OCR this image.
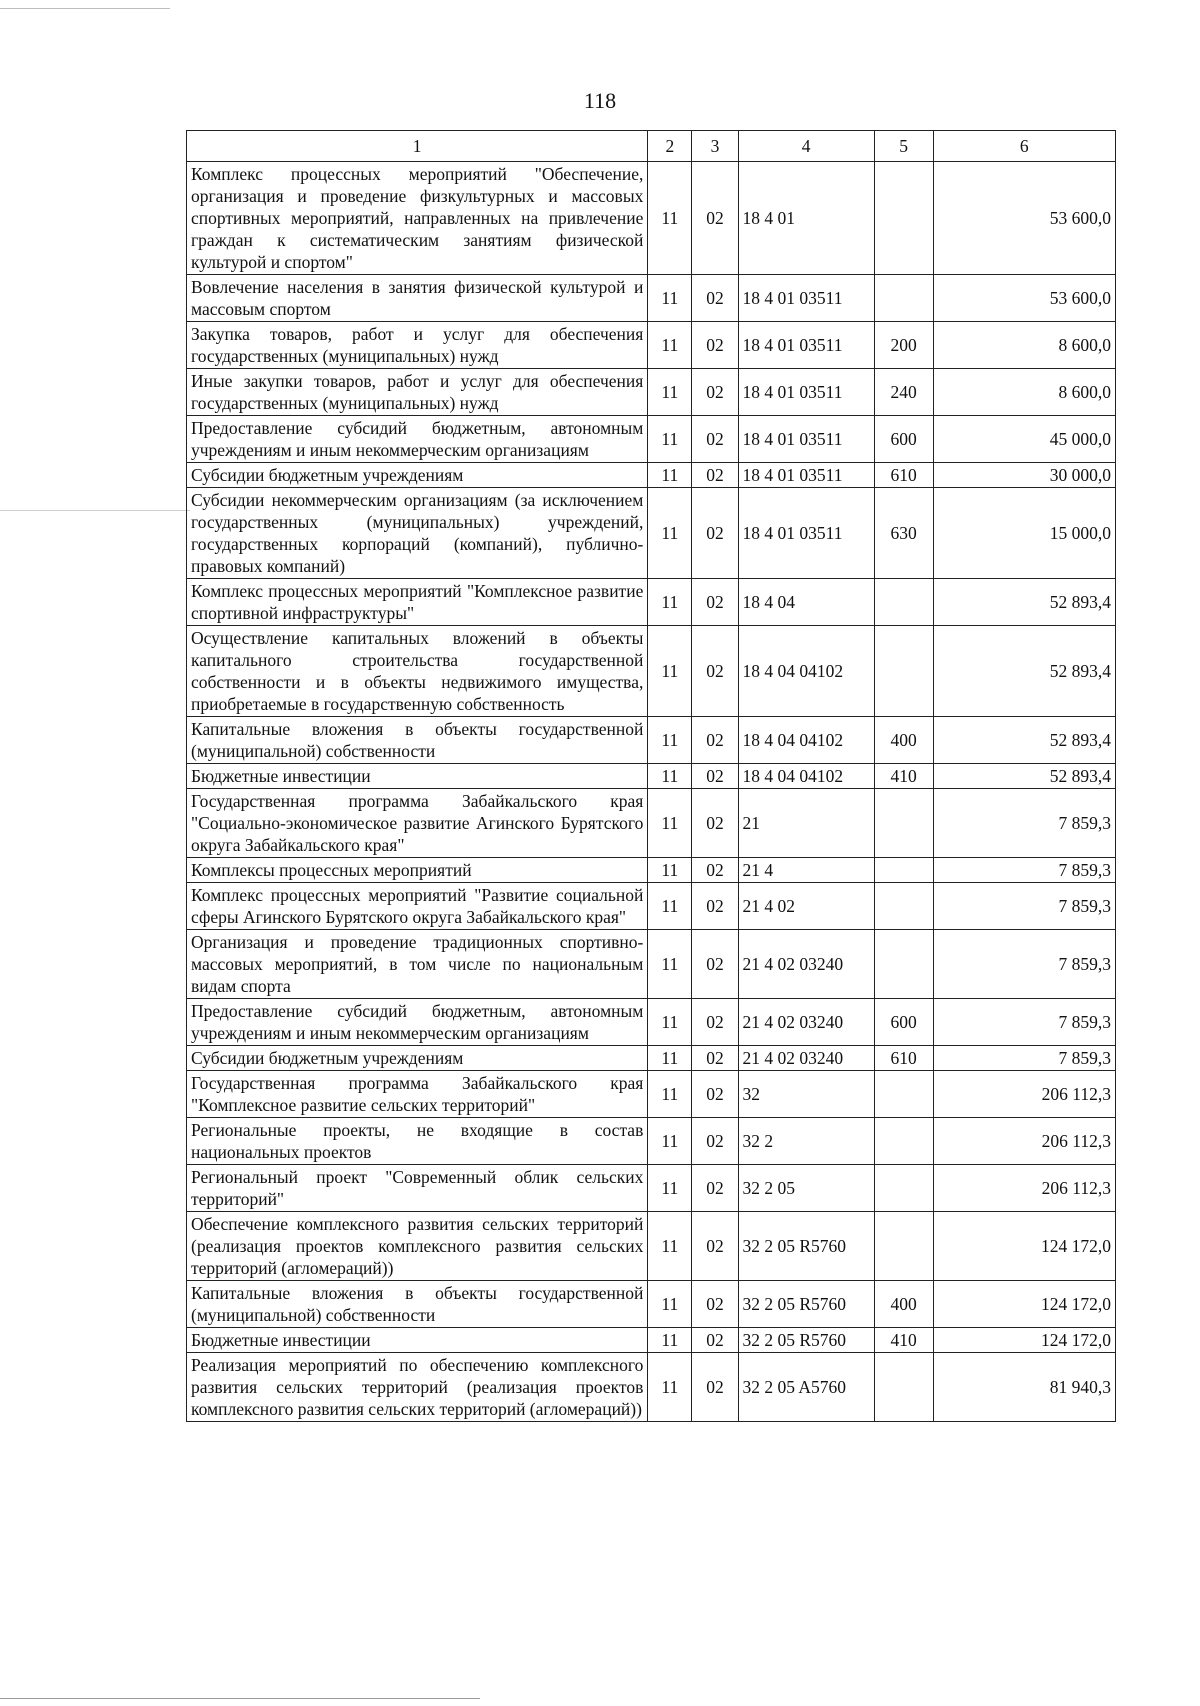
118
1	2	3	4	5	6
Комплекс процессных мероприятий "Обеспечение, организация и проведение физкультурных и массовых спортивных мероприятий, направленных на привлечение граждан к систематическим занятиям физической культурой и спортом"	11	02	18 4 01		53 600,0
Вовлечение населения в занятия физической культурой и массовым спортом	11	02	18 4 01 03511		53 600,0
Закупка товаров, работ и услуг для обеспечения государственных (муниципальных) нужд	11	02	18 4 01 03511	200	8 600,0
Иные закупки товаров, работ и услуг для обеспечения государственных (муниципальных) нужд	11	02	18 4 01 03511	240	8 600,0
Предоставление субсидий бюджетным, автономным учреждениям и иным некоммерческим организациям	11	02	18 4 01 03511	600	45 000,0
Субсидии бюджетным учреждениям	11	02	18 4 01 03511	610	30 000,0
Субсидии некоммерческим организациям (за исключением государственных (муниципальных) учреждений, государственных корпораций (компаний), публично-правовых компаний)	11	02	18 4 01 03511	630	15 000,0
Комплекс процессных мероприятий "Комплексное развитие спортивной инфраструктуры"	11	02	18 4 04		52 893,4
Осуществление капитальных вложений в объекты капитального строительства государственной собственности и в объекты недвижимого имущества, приобретаемые в государственную собственность	11	02	18 4 04 04102		52 893,4
Капитальные вложения в объекты государственной (муниципальной) собственности	11	02	18 4 04 04102	400	52 893,4
Бюджетные инвестиции	11	02	18 4 04 04102	410	52 893,4
Государственная программа Забайкальского края "Социально-экономическое развитие Агинского Бурятского округа Забайкальского края"	11	02	21		7 859,3
Комплексы процессных мероприятий	11	02	21 4		7 859,3
Комплекс процессных мероприятий "Развитие социальной сферы Агинского Бурятского округа Забайкальского края"	11	02	21 4 02		7 859,3
Организация и проведение традиционных спортивно-массовых мероприятий, в том числе по национальным видам спорта	11	02	21 4 02 03240		7 859,3
Предоставление субсидий бюджетным, автономным учреждениям и иным некоммерческим организациям	11	02	21 4 02 03240	600	7 859,3
Субсидии бюджетным учреждениям	11	02	21 4 02 03240	610	7 859,3
Государственная программа Забайкальского края "Комплексное развитие сельских территорий"	11	02	32		206 112,3
Региональные проекты, не входящие в состав национальных проектов	11	02	32 2		206 112,3
Региональный проект "Современный облик сельских территорий"	11	02	32 2 05		206 112,3
Обеспечение комплексного развития сельских территорий (реализация проектов комплексного развития сельских территорий (агломераций))	11	02	32 2 05 R5760		124 172,0
Капитальные вложения в объекты государственной (муниципальной) собственности	11	02	32 2 05 R5760	400	124 172,0
Бюджетные инвестиции	11	02	32 2 05 R5760	410	124 172,0
Реализация мероприятий по обеспечению комплексного развития сельских территорий (реализация проектов комплексного развития сельских территорий (агломераций))	11	02	32 2 05 A5760		81 940,3
